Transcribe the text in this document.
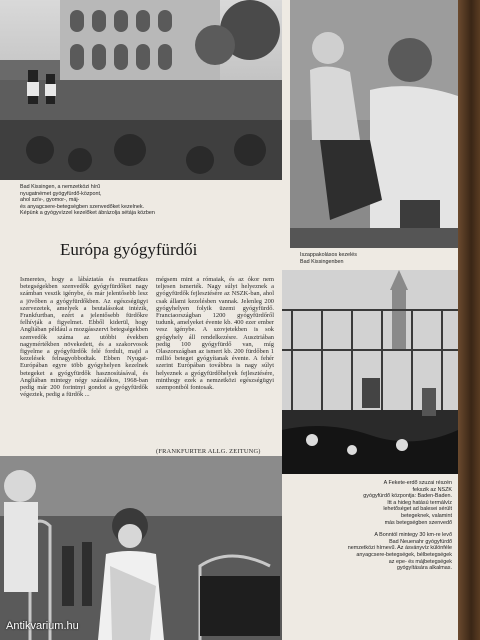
Bad Kissingen, a nemzetközi hírű
nyugatnémet gyógyfürdő-központ,
ahol szív-, gyomor-, máj-
és anyagcsere-betegségben szenvedőket kezelnek.
Képünk a gyógyvízzel kezelőket ábrázolja sétája közben
Iszappakolásos kezelés
Bad Kissingenben
Európa gyógyfürdői
Ismeretes, hogy a lábáztatás és reumatikus betegségekben szenvedők gyógyfürdőket nagy számban veszik igénybe, és már jelentősebb lesz a jövőben a gyógyfürdőkben. Az egészségügyi szervezetek, amelyek a beutalásokat intézik, Frankfurtban, ezért a jelentősebb fürdőkre felhívják a figyelmet. Ebből kiderül, hogy Angliában például a mozgásszervi betegségekben szenvedők száma az utóbbi években nagymértékben növekedett, és a szakorvosok figyelme a gyógyfürdők felé fordult, majd a kezelések felnagyobbodtak. Ebben Nyugat-Európában egyre több gyógyhelyen kezelnek betegeket a gyógyfürdők hasznosításával, és Angliában mintegy négy százalékos, 1968-ban pedig már 200 forintnyi gondot a gyógyfürdők végeztek, pedig a fürdők ...
mégsem mint a rómaiak, és az ókor nem teljesen ismerték. Nagy súlyt helyeznek a gyógyfürdők fejlesztésére az NSZK-ban, ahol csak állami kezelésben vannak. Jelenleg 200 gyógyhelyen folyik üzemi gyógyfürdő. Franciaországban 1200 gyógyfürdőről tudunk, amelyeket évente kb. 400 ezer ember vesz igénybe. A szovjetekben is sok gyógyhely áll rendelkezésre. Ausztriában pedig 100 gyógyfürdő van, míg Olaszországban az ismert kb. 200 fürdőben 1 millió beteget gyógyítanak évente. A fehér szerint Európában továbbra is nagy súlyt helyeznek a gyógyfürdőhelyek fejlesztésére, minthogy ezek a nemzetközi egészségügyi szempontból fontosak.
(FRANKFURTER ALLG. ZEITUNG)
A Fekete-erdő szuzai részén
fekszik az NSZK
gyógyfürdő központja: Baden-Baden.
Itt a hideg hatású termálvíz
lehetőséget ad balesei sérült
betegeknek, valamint
más betegségben szenvedő
A Bonntól mintegy 30 km-re levő
Bad Neuenahr gyógyfürdő
nemzetközi hírnevű. Az ásványvíz különféle
anyagcsere-betegségek, bélbetegségek
az epe- és májbetegségek
gyógyítására alkalmas.
Antikvarium.hu
